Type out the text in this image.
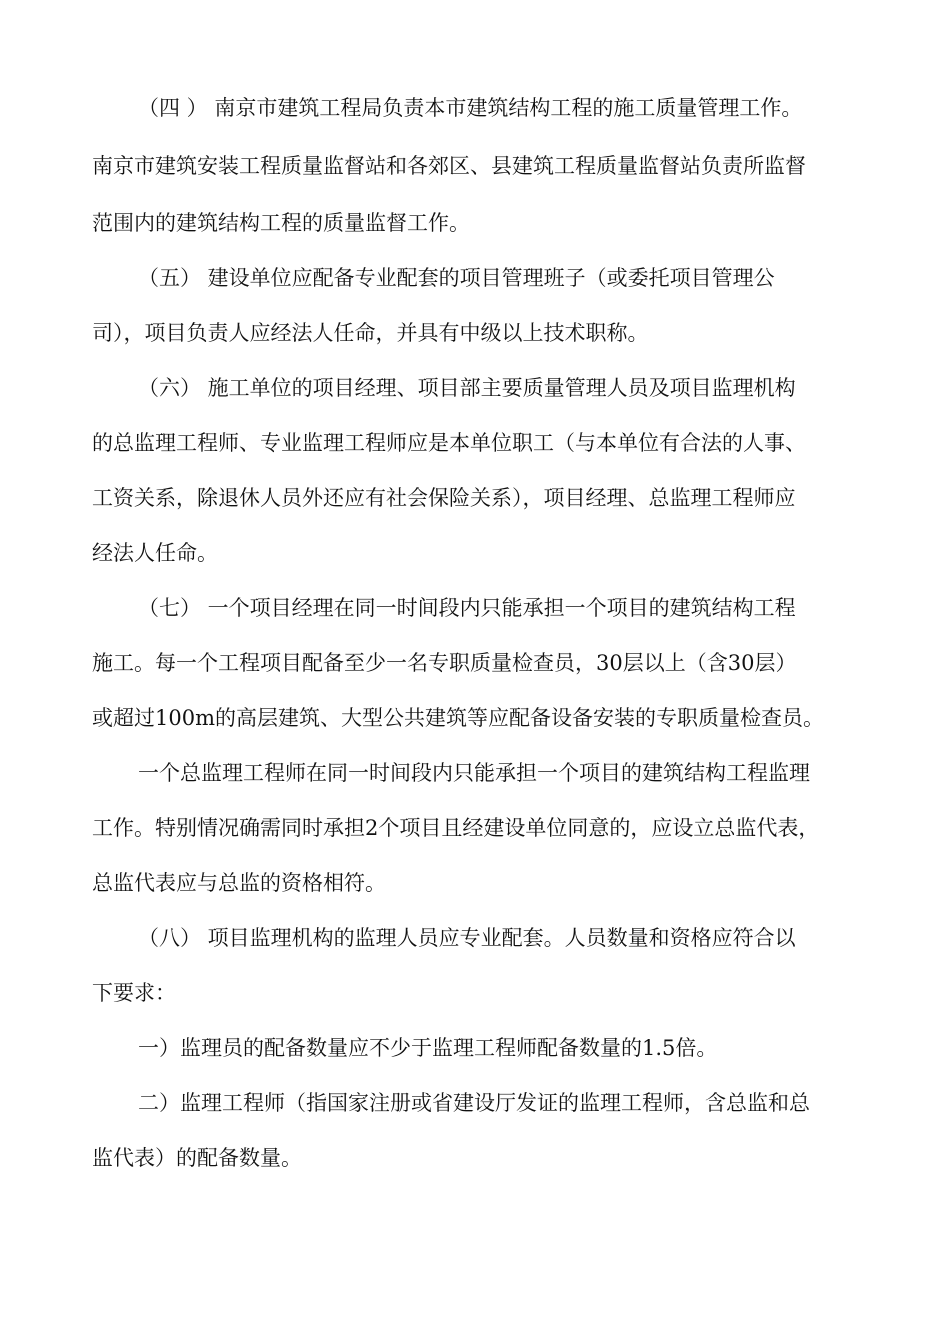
（四 ） 南京市建筑工程局负责本市建筑结构工程的施工质量管理工作。
南京市建筑安装工程质量监督站和各郊区、县建筑工程质量监督站负责所监督
范围内的建筑结构工程的质量监督工作。
（五） 建设单位应配备专业配套的项目管理班子（或委托项目管理公
司），项目负责人应经法人任命，并具有中级以上技术职称。
（六） 施工单位的项目经理、项目部主要质量管理人员及项目监理机构
的总监理工程师、专业监理工程师应是本单位职工（与本单位有合法的人事、
工资关系，除退休人员外还应有社会保险关系），项目经理、总监理工程师应
经法人任命。
（七） 一个项目经理在同一时间段内只能承担一个项目的建筑结构工程
施工。每一个工程项目配备至少一名专职质量检查员，30层以上（含30层）
或超过100m的高层建筑、大型公共建筑等应配备设备安装的专职质量检查员。
一个总监理工程师在同一时间段内只能承担一个项目的建筑结构工程监理
工作。特别情况确需同时承担2个项目且经建设单位同意的，应设立总监代表，
总监代表应与总监的资格相符。
（八） 项目监理机构的监理人员应专业配套。人员数量和资格应符合以
下要求：
一）监理员的配备数量应不少于监理工程师配备数量的1.5倍。
二）监理工程师（指国家注册或省建设厅发证的监理工程师，含总监和总
监代表）的配备数量。
